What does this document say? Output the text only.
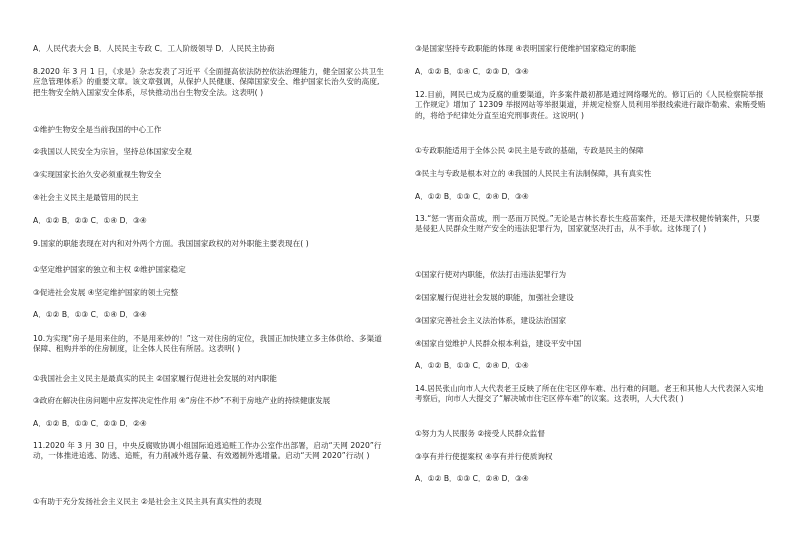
A．人民代表大会 B．人民民主专政 C．工人阶级领导 D．人民民主协商

8.2020 年 3 月 1 日，《求是》杂志发表了习近平《全面提高依法防控依法治理能力，健全国家公共卫生应急管理体系》的重要文章。该文章强调，从保护人民健康、保障国家安全、维护国家长治久安的高度,把生物安全纳入国家安全体系，尽快推动出台生物安全法。这表明( )

①维护生物安全是当前我国的中心工作

②我国以人民安全为宗旨，坚持总体国家安全观

③实现国家长治久安必须重视生物安全

④社会主义民主是最管用的民主

A．①② B．②③ C．①④ D．③④

9.国家的职能表现在对内和对外两个方面。我国国家政权的对外职能主要表现在( )

①坚定维护国家的独立和主权 ②维护国家稳定

③促进社会发展 ④坚定维护国家的领土完整

A．①② B．①③ C．①④ D．③④

10.为实现“房子是用来住的，不是用来炒的！”这一对住房的定位，我国正加快建立多主体供给、多渠道保障、租购并举的住房制度，让全体人民住有所居。这表明( )

①我国社会主义民主是最真实的民主 ②国家履行促进社会发展的对内职能

③政府在解决住房问题中应发挥决定性作用 ④“房住不炒”不利于房地产业的持续健康发展

A．①② B．①③ C．②③ D．②④

11.2020 年 3 月 30 日，中央反腐败协调小组国际追逃追赃工作办公室作出部署，启动“天网 2020”行动，一体推进追逃、防逃、追赃，有力削减外逃存量、有效遏制外逃增量。启动“天网 2020”行动( )

①有助于充分发扬社会主义民主 ②是社会主义民主具有真实性的表现

③是国家坚持专政职能的体现 ④表明国家行使维护国家稳定的职能

A．①② B．①④ C．②③ D．③④

12.目前，网民已成为反腐的重要渠道，许多案件最初都是通过网络曝光的。修订后的《人民检察院举报工作规定》增加了 12309 举报网站等举报渠道，并规定检察人员利用举报线索进行敲诈勒索、索贿受贿的，将给予纪律处分直至追究刑事责任。这说明( )

①专政职能适用于全体公民 ②民主是专政的基础，专政是民主的保障

③民主与专政是根本对立的 ④我国的人民民主有法制保障，具有真实性

A．①② B．①③ C．②④ D．③④

13.“惩一害而众苗成，刑一恶而万民悦。”无论是吉林长春长生疫苗案件，还是天津权健传销案件，只要是侵犯人民群众生财产安全的违法犯罪行为，国家就坚决打击，从不手软。这体现了( )

①国家行使对内职能，依法打击违法犯罪行为

②国家履行促进社会发展的职能，加强社会建设

③国家完善社会主义法治体系，建设法治国家

④国家自觉维护人民群众根本利益，建设平安中国

A．①② B．①③ C．②④ D．①④

14.居民张山向市人大代表老王反映了所在住宅区停车难、出行难的问题。老王和其他人大代表深入实地考察后，向市人大提交了“解决城市住宅区停车难”的议案。这表明，人大代表( )

①努力为人民服务 ②接受人民群众监督

③享有并行使提案权 ④享有并行使质询权

A．①② B．①③ C．②④ D．③④
